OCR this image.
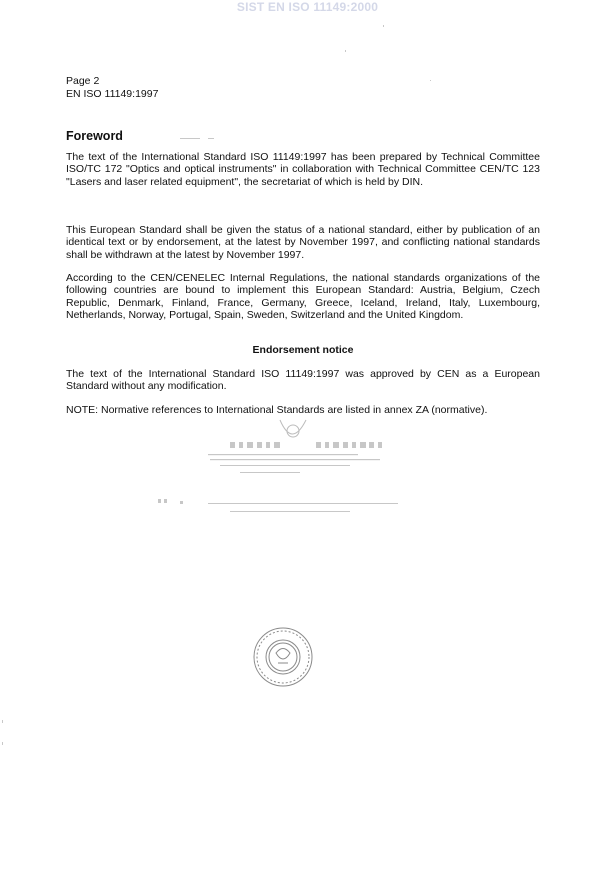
SIST EN ISO 11149:2000
Page 2
EN ISO 11149:1997
Foreword

The text of the International Standard ISO 11149:1997 has been prepared by Technical Committee ISO/TC 172 "Optics and optical instruments" in collaboration with Technical Committee CEN/TC 123 "Lasers and laser related equipment", the secretariat of which is held by DIN.

This European Standard shall be given the status of a national standard, either by publication of an identical text or by endorsement, at the latest by November 1997, and conflicting national standards shall be withdrawn at the latest by November 1997.

According to the CEN/CENELEC Internal Regulations, the national standards organizations of the following countries are bound to implement this European Standard: Austria, Belgium, Czech Republic, Denmark, Finland, France, Germany, Greece, Iceland, Ireland, Italy, Luxembourg, Netherlands, Norway, Portugal, Spain, Sweden, Switzerland and the United Kingdom.

Endorsement notice

The text of the International Standard ISO 11149:1997 was approved by CEN as a European Standard without any modification.

NOTE: Normative references to International Standards are listed in annex ZA (normative).
